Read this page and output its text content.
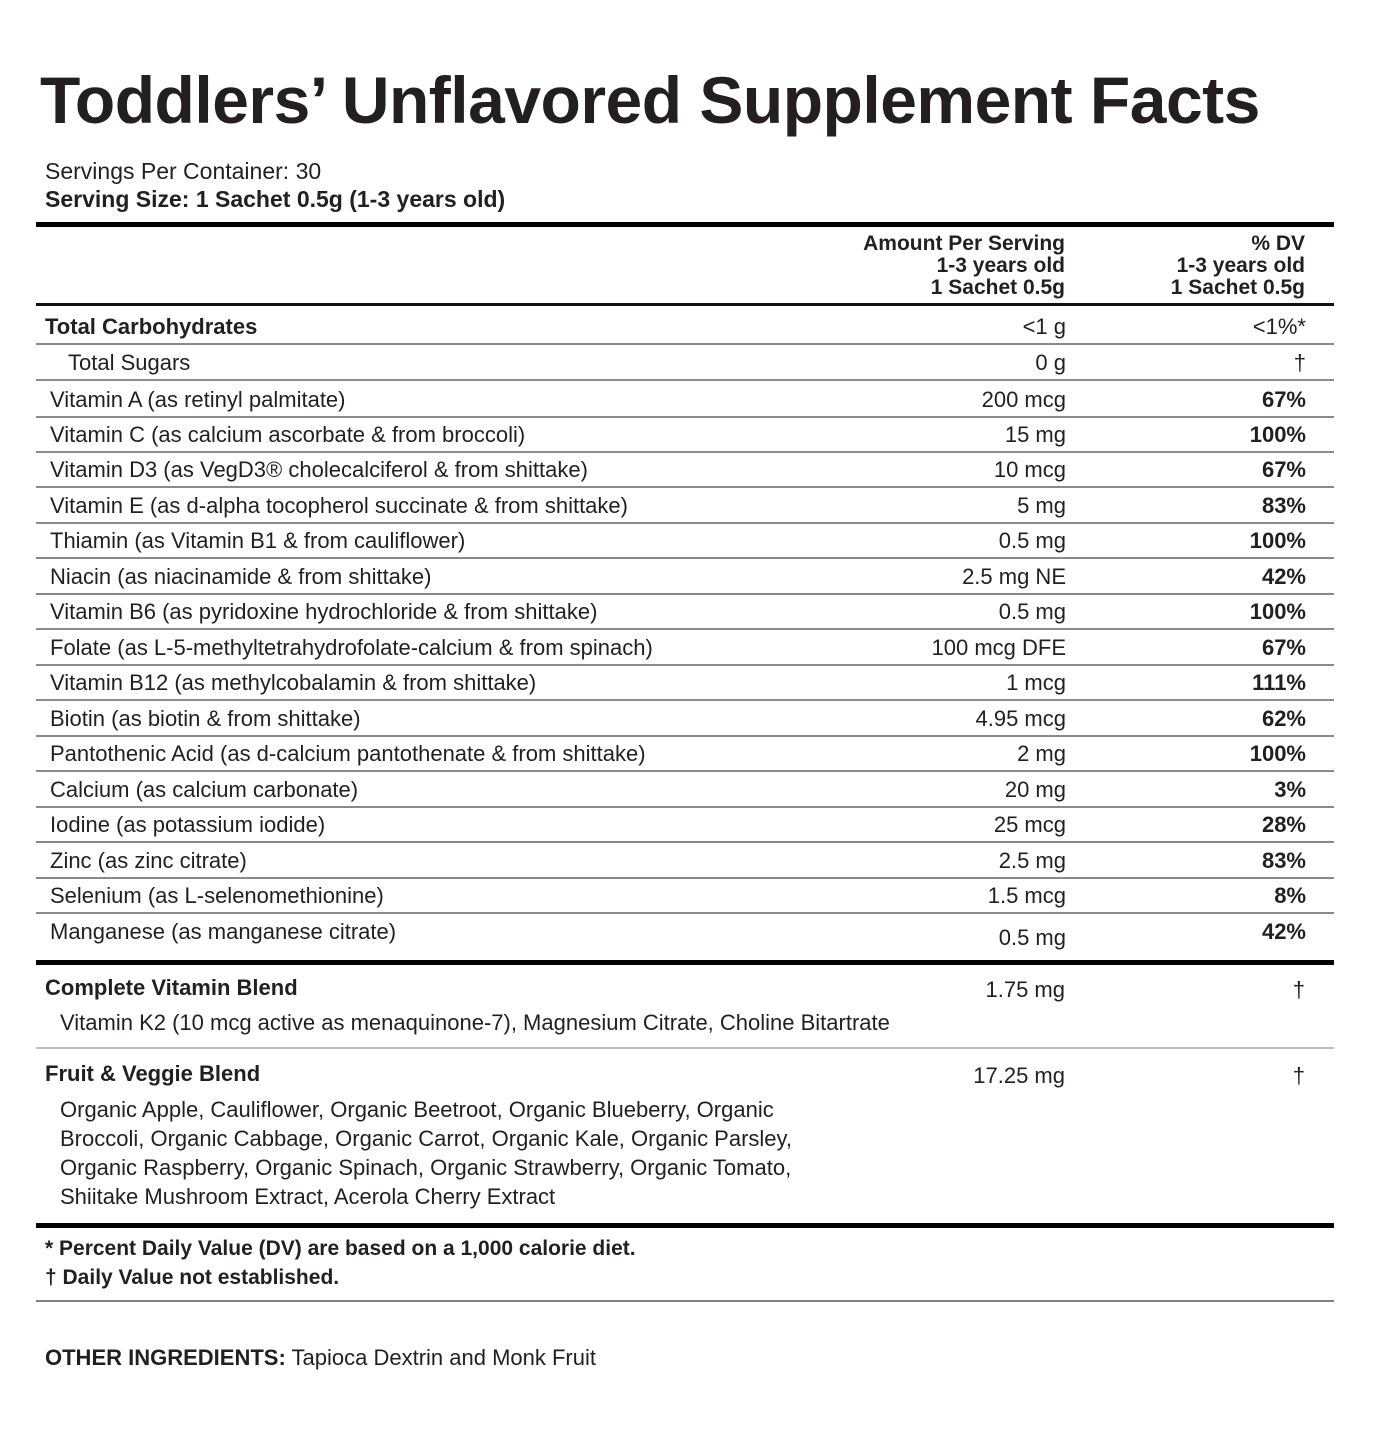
Toddlers’ Unflavored Supplement Facts
Servings Per Container: 30
Serving Size: 1 Sachet 0.5g (1-3 years old)
Amount Per Serving
1-3 years old
1 Sachet 0.5g
% DV
1-3 years old
1 Sachet 0.5g
Total Carbohydrates	<1 g	<1%*
Total Sugars	0 g	†
Vitamin A (as retinyl palmitate)	200 mcg	67%
Vitamin C (as calcium ascorbate & from broccoli)	15 mg	100%
Vitamin D3 (as VegD3® cholecalciferol & from shittake)	10 mcg	67%
Vitamin E (as d-alpha tocopherol succinate & from shittake)	5 mg	83%
Thiamin (as Vitamin B1 & from cauliflower)	0.5 mg	100%
Niacin (as niacinamide & from shittake)	2.5 mg NE	42%
Vitamin B6 (as pyridoxine hydrochloride & from shittake)	0.5 mg	100%
Folate (as L-5-methyltetrahydrofolate-calcium & from spinach)	100 mcg DFE	67%
Vitamin B12 (as methylcobalamin & from shittake)	1 mcg	111%
Biotin (as biotin & from shittake)	4.95 mcg	62%
Pantothenic Acid (as d-calcium pantothenate & from shittake)	2 mg	100%
Calcium (as calcium carbonate)	20 mg	3%
Iodine (as potassium iodide)	25 mcg	28%
Zinc (as zinc citrate)	2.5 mg	83%
Selenium (as L-selenomethionine)	1.5 mcg	8%
Manganese (as manganese citrate)	0.5 mg	42%
Complete Vitamin Blend	1.75 mg	†
Vitamin K2 (10 mcg active as menaquinone-7), Magnesium Citrate, Choline Bitartrate
Fruit & Veggie Blend	17.25 mg	†
Organic Apple, Cauliflower, Organic Beetroot, Organic Blueberry, Organic
Broccoli, Organic Cabbage, Organic Carrot, Organic Kale, Organic Parsley,
Organic Raspberry, Organic Spinach, Organic Strawberry, Organic Tomato,
Shiitake Mushroom Extract, Acerola Cherry Extract
* Percent Daily Value (DV) are based on a 1,000 calorie diet.
† Daily Value not established.
OTHER INGREDIENTS: Tapioca Dextrin and Monk Fruit
